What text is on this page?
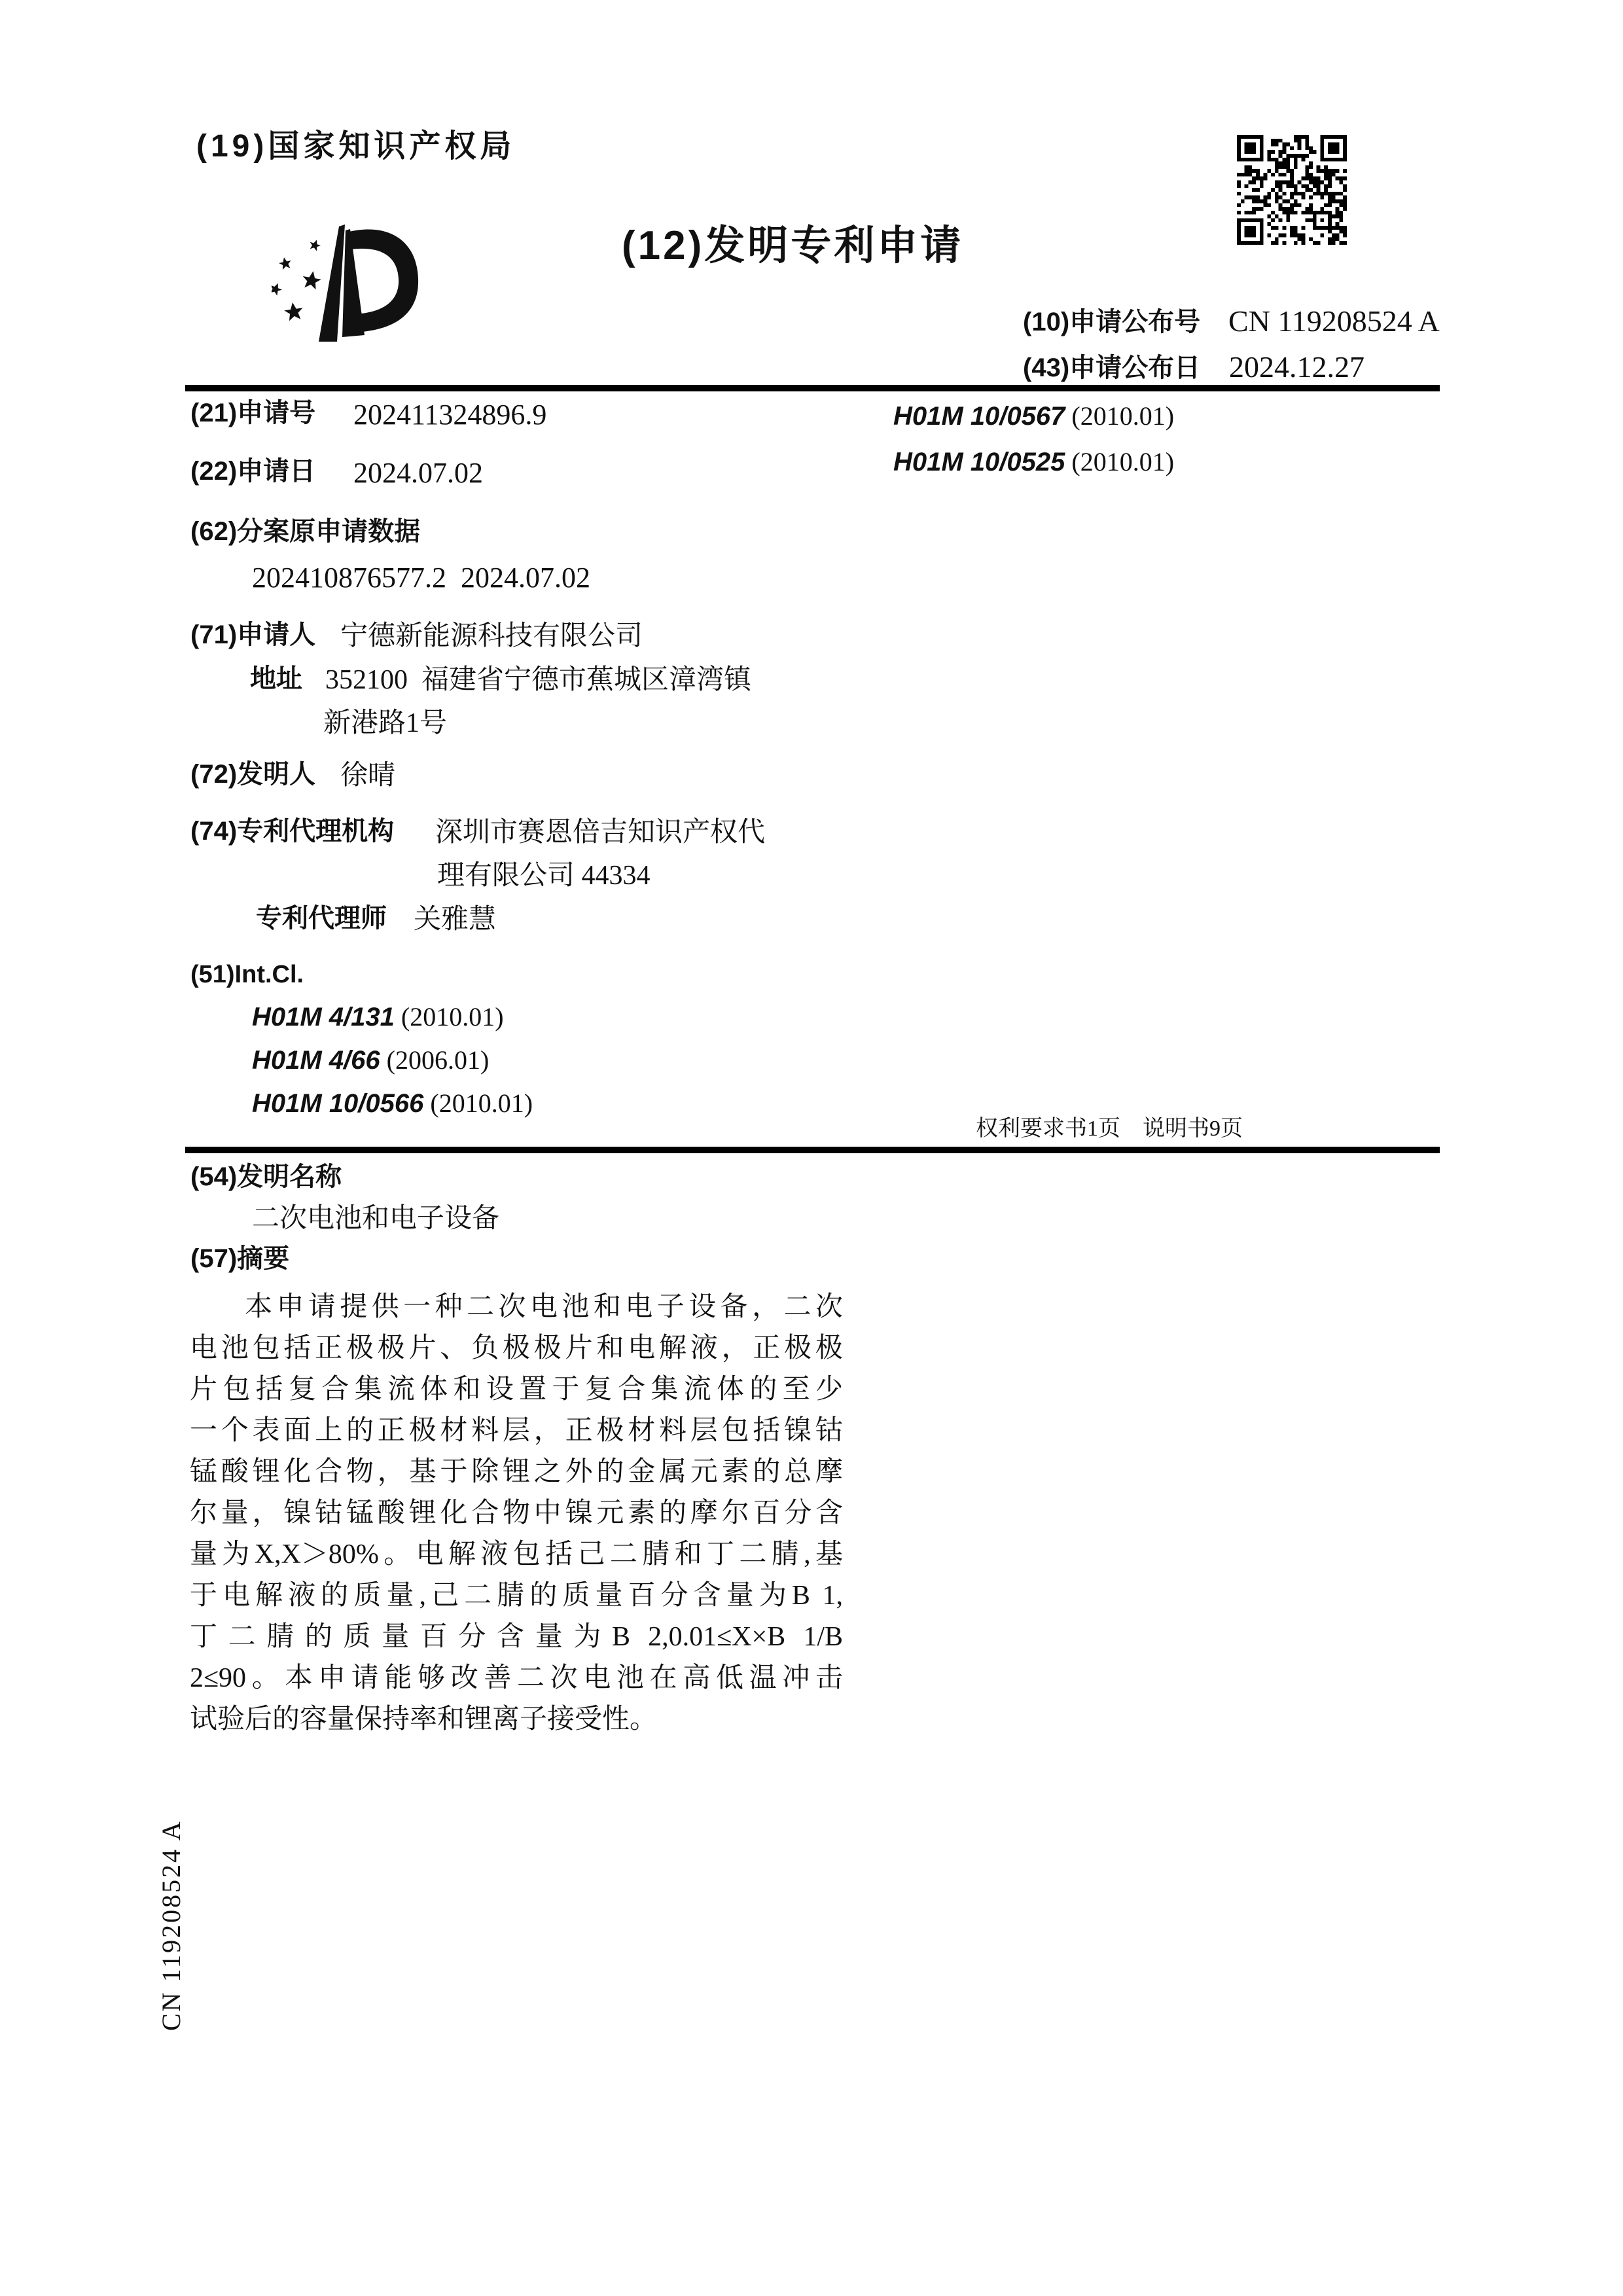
(19)国家知识产权局
(12)发明专利申请
(10)申请公布号 CN 119208524 A
(43)申请公布日 2024.12.27
(21)申请号 202411324896.9
(22)申请日 2024.07.02
(62)分案原申请数据
202410876577.2  2024.07.02
(71)申请人 宁德新能源科技有限公司
地址 352100  福建省宁德市蕉城区漳湾镇
新港路1号
(72)发明人 徐晴
(74)专利代理机构 深圳市赛恩倍吉知识产权代
理有限公司 44334
专利代理师 关雅慧
(51)Int.Cl.
H01M 4/131 (2010.01)
H01M 4/66 (2006.01)
H01M 10/0566 (2010.01)
H01M 10/0567 (2010.01)
H01M 10/0525 (2010.01)
权利要求书1页　说明书9页
(54)发明名称
二次电池和电子设备
(57)摘要
本申请提供一种二次电池和电子设备，二次
电池包括正极极片、负极极片和电解液，正极极
片包括复合集流体和设置于复合集流体的至少
一个表面上的正极材料层，正极材料层包括镍钴
锰酸锂化合物，基于除锂之外的金属元素的总摩
尔量，镍钴锰酸锂化合物中镍元素的摩尔百分含
量为X,X＞80%。电解液包括己二腈和丁二腈,基
于电解液的质量,己二腈的质量百分含量为B 1,
丁二腈的质量百分含量为B 2,0.01≤X×B 1/B
2≤90。本申请能够改善二次电池在高低温冲击
试验后的容量保持率和锂离子接受性。
CN 119208524 A
